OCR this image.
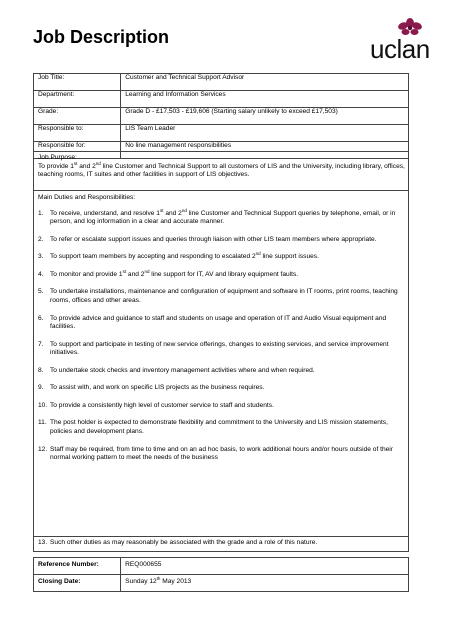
Job Description	uclan
Job Title:	Customer and Technical Support Advisor
Department:	Learning and Information Services
Grade:	Grade D - £17,503 - £19,606 (Starting salary unlikely to exceed £17,503)
Responsible to:	LIS Team Leader
Responsible for:	No line management responsibilities
Job Purpose:
To provide 1st and 2nd line Customer and Technical Support to all customers of LIS and the University, including library, offices, teaching rooms, IT suites and other facilities in support of LIS objectives.

Main Duties and Responsibilities:
1. To receive, understand, and resolve 1st and 2nd line Customer and Technical Support queries by telephone, email, or in person, and log information in a clear and accurate manner.
2. To refer or escalate support issues and queries through liaison with other LIS team members where appropriate.
3. To support team members by accepting and responding to escalated 2nd line support issues.
4. To monitor and provide 1st and 2nd line support for IT, AV and library equipment faults.
5. To undertake installations, maintenance and configuration of equipment and software in IT rooms, print rooms, teaching rooms, offices and other areas.
6. To provide advice and guidance to staff and students on usage and operation of IT and Audio Visual equipment and facilities.
7. To support and participate in testing of new service offerings, changes to existing services, and service improvement initiatives.
8. To undertake stock checks and inventory management activities where and when required.
9. To assist with, and work on specific LIS projects as the business requires.
10. To provide a consistently high level of customer service to staff and students.
11. The post holder is expected to demonstrate flexibility and commitment to the University and LIS mission statements, policies and development plans.
12. Staff may be required, from time to time and on an ad hoc basis, to work additional hours and/or hours outside of their normal working pattern to meet the needs of the business

13. Such other duties as may reasonably be associated with the grade and a role of this nature.
Reference Number:	REQ000655
Closing Date:	Sunday 12th May 2013
